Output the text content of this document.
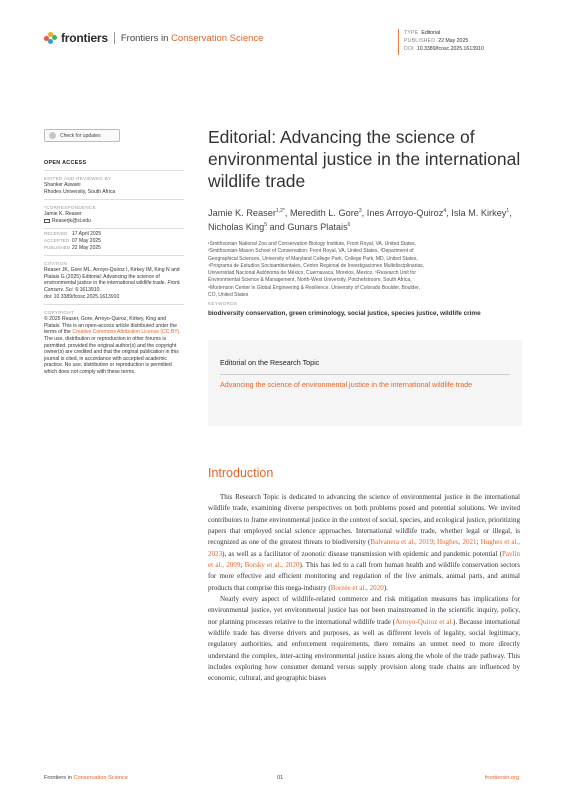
frontiers Frontiers in Conservation Science	TYPE Editorial
PUBLISHED 22 May 2025
DOI 10.3389/fcosc.2025.1613910
Check for updates
OPEN ACCESS
EDITED AND REVIEWED BY
Shanker Aswani
Rhodes University, South Africa
*CORRESPONDENCE
Jamie K. Reaser
Reaserjk@si.edu
RECEIVED 17 April 2025
ACCEPTED 07 May 2025
PUBLISHED 22 May 2025
CITATION
Reaser JK, Gore ML, Arroyo-Quiroz I, Kirkey IM, King N and Platais G (2025) Editorial: Advancing the science of environmental justice in the international wildlife trade. Front. Conserv. Sci. 6:1613910.
doi: 10.3389/fcosc.2025.1613910
COPYRIGHT
© 2025 Reaser, Gore, Arroyo-Quiroz, Kirkey, King and Platais. This is an open-access article distributed under the terms of the Creative Commons Attribution License (CC BY). The use, distribution or reproduction in other forums is permitted, provided the original author(s) and the copyright owner(s) are credited and that the original publication in this journal is cited, in accordance with accepted academic practice. No use, distribution or reproduction is permitted which does not comply with these terms.
Editorial: Advancing the science of environmental justice in the international wildlife trade
Jamie K. Reaser$^{1,2*}$, Meredith L. Gore$^3$, Ines Arroyo-Quiroz$^4$, Isla M. Kirkey$^1$, Nicholas King$^5$ and Gunars Platais$^6$
¹Smithsonian National Zoo and Conservation Biology Institute, Front Royal, VA, United States,
²Smithsonian-Mason School of Conservation, Front Royal, VA, United States, ³Department of
Geographical Sciences, University of Maryland College Park, College Park, MD, United States,
⁴Programa de Estudios Socioambientales, Centro Regional de Investigaciones Multidisciplinarias,
Universidad Nacional Autónoma de México, Cuernavaca, Morelos, Mexico, ⁵Research Unit for
Environmental Science & Management, North-West University, Potchefstroom, South Africa,
⁶Mortenson Center in Global Engineering & Resilience, University of Colorado Boulder, Boulder,
CO, United States
KEYWORDS
biodiversity conservation, green criminology, social justice, species justice, wildlife crime
Editorial on the Research Topic
Advancing the science of environmental justice in the international wildlife trade
Introduction

This Research Topic is dedicated to advancing the science of environmental justice in the international wildlife trade, examining diverse perspectives on both problems posed and potential solutions. We invited contributors to frame environmental justice in the context of social, species, and ecological justice, prioritizing papers that employed social science approaches. International wildlife trade, whether legal or illegal, is recognized as one of the greatest threats to biodiversity (Balvanera et al., 2019; Hughes, 2021; Hughes et al., 2023), as well as a facilitator of zoonotic disease transmission with epidemic and pandemic potential (Pavlin et al., 2009; Borsky et al., 2020). This has led to a call from human health and wildlife conservation sectors for more effective and efficient monitoring and regulation of the live animals, animal parts, and animal products that comprise this mega-industry (Borzée et al., 2020).

Nearly every aspect of wildlife-related commerce and risk mitigation measures has implications for environmental justice, yet environmental justice has not been mainstreamed in the scientific inquiry, policy, nor planning processes relative to the international wildlife trade (Arroyo-Quiroz et al.). Because international wildlife trade has diverse drivers and purposes, as well as different levels of legality, social legitimacy, regulatory authorities, and enforcement requirements, there remains an unmet need to more directly understand the complex, inter-acting environmental justice issues along the whole of the trade pathway. This includes exploring how consumer demand versus supply provision along trade chains are influenced by economic, cultural, and geographic biases

Frontiers in Conservation Science	01	frontiersin.org
